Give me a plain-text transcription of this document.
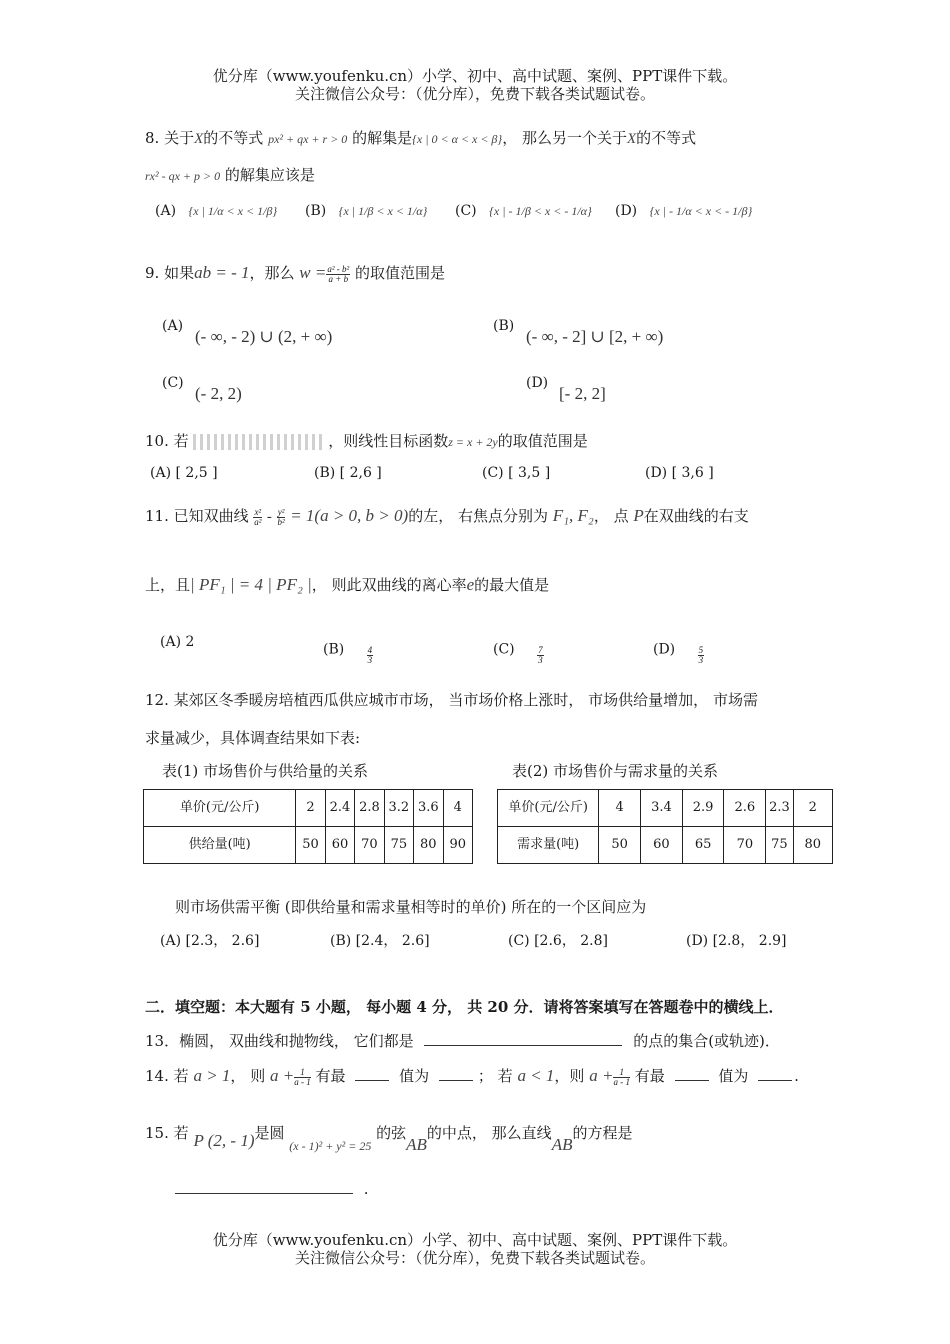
优分库（www.youfenku.cn）小学、初中、高中试题、案例、PPT课件下载。
关注微信公众号：（优分库），免费下载各类试题试卷。
8. 关于X的不等式 px² + qx + r > 0 的解集是{x | 0 < α < x < β}， 那么另一个关于X的不等式
rx² - qx + p > 0 的解集应该是
(A) {x | 1/α < x < 1/β} (B) {x | 1/β < x < 1/α} (C) {x | - 1/β < x < - 1/α} (D) {x | - 1/α < x < - 1/β}
9. 如果ab = - 1，那么 $w = \frac{\text{a² - b²}}{a + b}$ 的取值范围是
(A)
(- ∞, - 2) ∪ (2, + ∞)
(B)
(- ∞, - 2] ∪ [2, + ∞)
(C)
(- 2, 2)
(D)
[- 2, 2]
10. 若	，则线性目标函数z = x + 2y的取值范围是
(A) [ 2,5 ]	(B) [ 2,6 ]	(C) [ 3,5 ]	(D) [ 3,6 ]
11. 已知双曲线 $\frac{\text{x²}}{\text{a²}} - \frac{\text{y²}}{\text{b²}} = 1(a > 0$, b > 0)的左， 右焦点分别为 F₁, F₂， 点 P在双曲线的右支
上，且| PF₁ | = 4 | PF₂ |， 则此双曲线的离心率e的最大值是
(A) 2	$(B) \frac{4}{3}$	$(C) \frac{7}{3}$	$(D) \frac{5}{3}$
12. 某郊区冬季暖房培植西瓜供应城市市场， 当市场价格上涨时， 市场供给量增加， 市场需
求量减少，具体调查结果如下表:
表(1) 市场售价与供给量的关系	表(2) 市场售价与需求量的关系
单价(元/公斤)	2	2.4	2.8	3.2	3.6	4
供给量(吨)	50	60	70	75	80	90
单价(元/公斤)	4	3.4	2.9	2.6	2.3	2
需求量(吨)	50	60	65	70	75	80
则市场供需平衡 (即供给量和需求量相等时的单价) 所在的一个区间应为
(A) [2.3， 2.6]	(B) [2.4， 2.6]	(C) [2.6， 2.8]	(D) [2.8， 2.9]
二．填空题：本大题有 5 小题， 每小题 4 分， 共 20 分．请将答案填写在答题卷中的横线上．
13．椭圆， 双曲线和抛物线， 它们都是	的点的集合(或轨迹)．
14. 若 a > 1， 则 $a + \frac{1}{a - 1}$ 有最	值为	； 若 a < 1，则 $a + \frac{1}{a - 1}$ 有最	值为	.
15. 若 P (2, - 1)是圆 $_{(x - 1)^2 + y^2 = 25}$ 的弦AB的中点， 那么直线AB的方程是
.
优分库（www.youfenku.cn）小学、初中、高中试题、案例、PPT课件下载。
关注微信公众号：（优分库），免费下载各类试题试卷。
